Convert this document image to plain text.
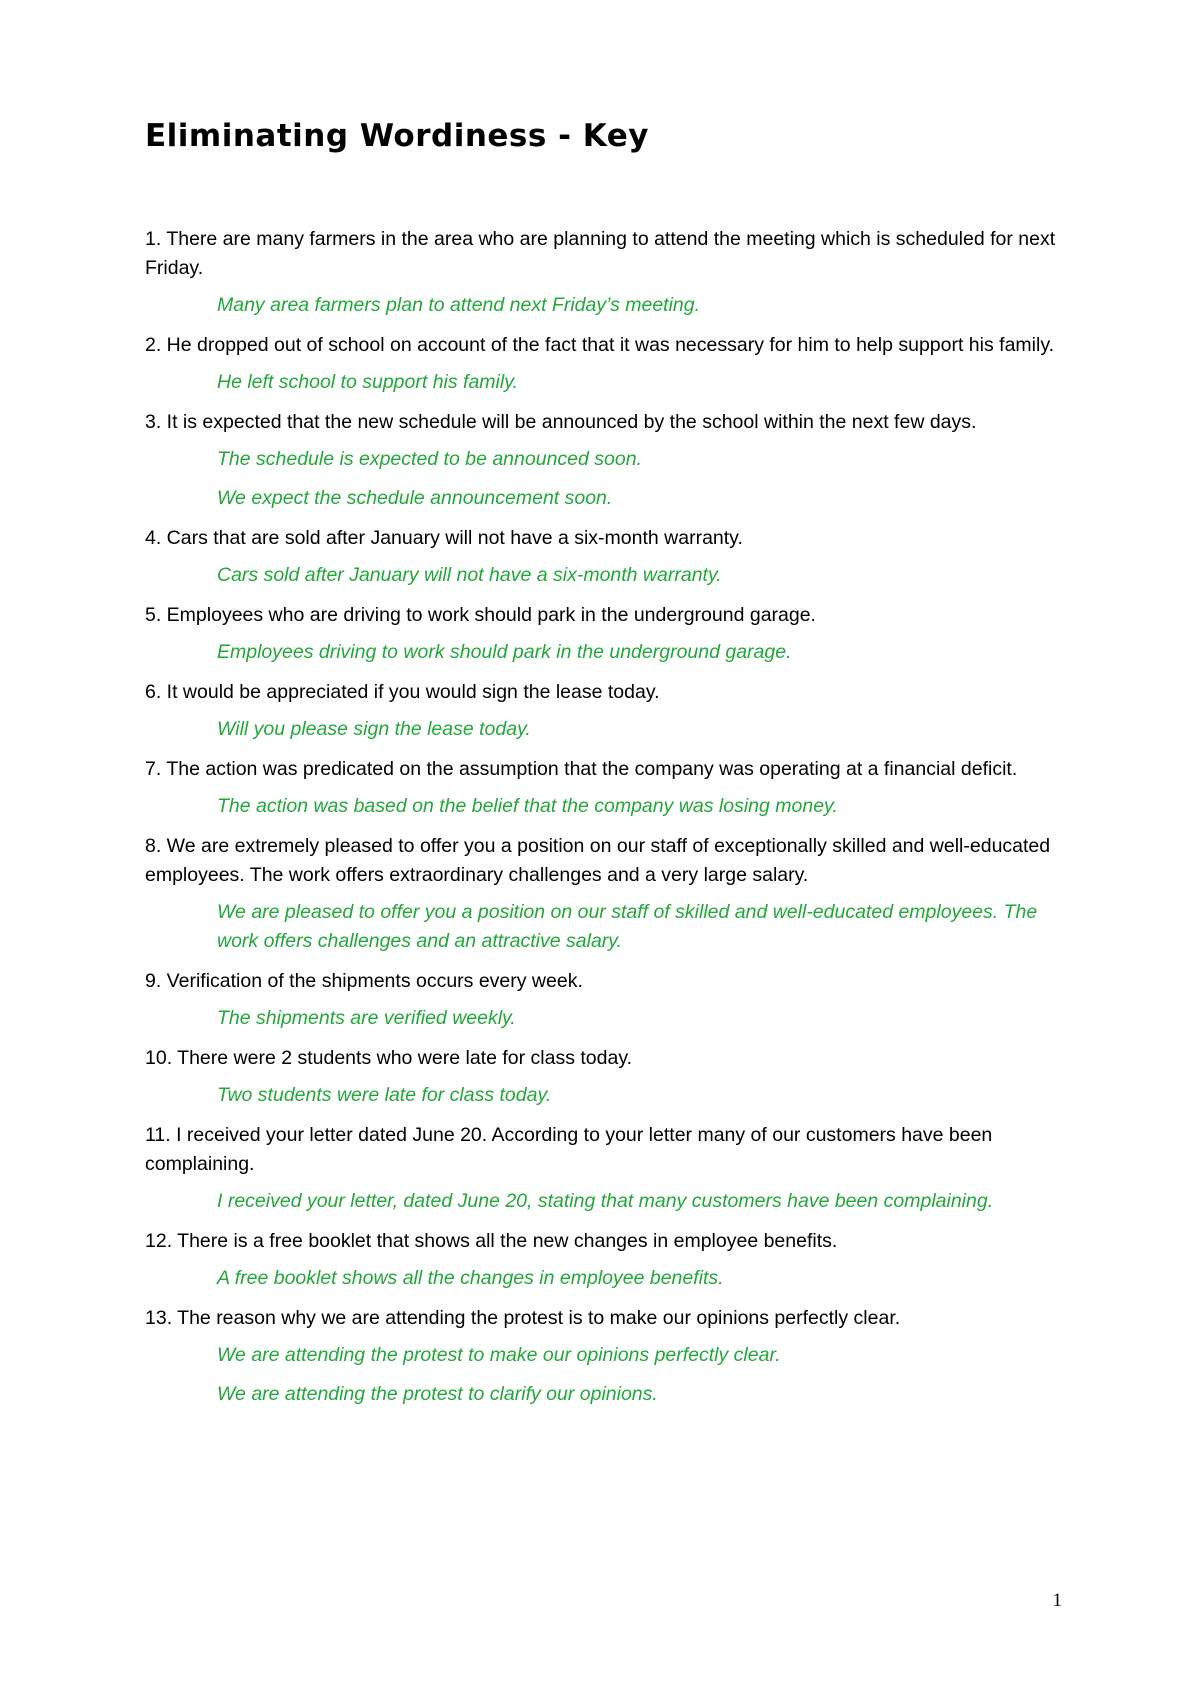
Eliminating Wordiness - Key

1. There are many farmers in the area who are planning to attend the meeting which is scheduled for next Friday.

Many area farmers plan to attend next Friday’s meeting.

2. He dropped out of school on account of the fact that it was necessary for him to help support his family.

He left school to support his family.

3. It is expected that the new schedule will be announced by the school within the next few days.

The schedule is expected to be announced soon.

We expect the schedule announcement soon.

4. Cars that are sold after January will not have a six-month warranty.

Cars sold after January will not have a six-month warranty.

5. Employees who are driving to work should park in the underground garage.

Employees driving to work should park in the underground garage.

6. It would be appreciated if you would sign the lease today.

Will you please sign the lease today.

7. The action was predicated on the assumption that the company was operating at a financial deficit.

The action was based on the belief that the company was losing money.

8. We are extremely pleased to offer you a position on our staff of exceptionally skilled and well-educated employees. The work offers extraordinary challenges and a very large salary.

We are pleased to offer you a position on our staff of skilled and well-educated employees. The work offers challenges and an attractive salary.

9. Verification of the shipments occurs every week.

The shipments are verified weekly.

10. There were 2 students who were late for class today.

Two students were late for class today.

11. I received your letter dated June 20. According to your letter many of our customers have been complaining.

I received your letter, dated June 20, stating that many customers have been complaining.

12. There is a free booklet that shows all the new changes in employee benefits.

A free booklet shows all the changes in employee benefits.

13. The reason why we are attending the protest is to make our opinions perfectly clear.

We are attending the protest to make our opinions perfectly clear.

We are attending the protest to clarify our opinions.

1
